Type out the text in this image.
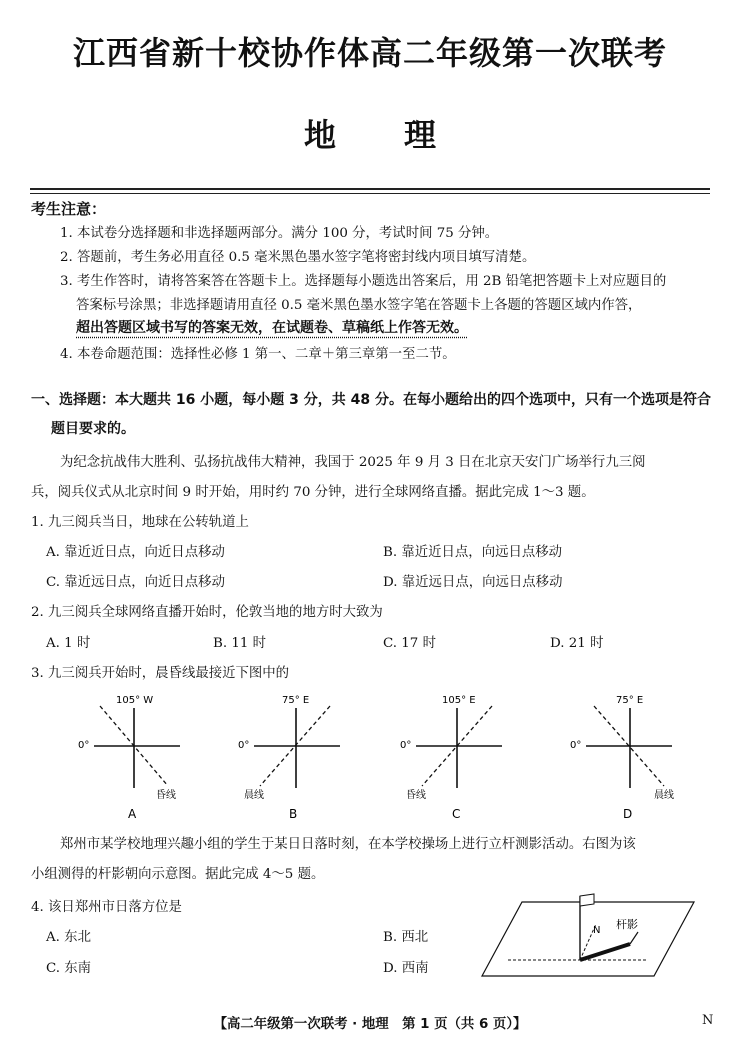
江西省新十校协作体高二年级第一次联考
地 理
考生注意：
1. 本试卷分选择题和非选择题两部分。满分 100 分，考试时间 75 分钟。
2. 答题前，考生务必用直径 0.5 毫米黑色墨水签字笔将密封线内项目填写清楚。
3. 考生作答时，请将答案答在答题卡上。选择题每小题选出答案后，用 2B 铅笔把答题卡上对应题目的
答案标号涂黑；非选择题请用直径 0.5 毫米黑色墨水签字笔在答题卡上各题的答题区域内作答，
超出答题区域书写的答案无效，在试题卷、草稿纸上作答无效。
4. 本卷命题范围：选择性必修 1 第一、二章＋第三章第一至二节。
一、选择题：本大题共 16 小题，每小题 3 分，共 48 分。在每小题给出的四个选项中，只有一个选项是符合
题目要求的。
为纪念抗战伟大胜利、弘扬抗战伟大精神，我国于 2025 年 9 月 3 日在北京天安门广场举行九三阅
兵，阅兵仪式从北京时间 9 时开始，用时约 70 分钟，进行全球网络直播。据此完成 1～3 题。
1. 九三阅兵当日，地球在公转轨道上
A. 靠近近日点，向近日点移动	B. 靠近近日点，向远日点移动
C. 靠近远日点，向近日点移动	D. 靠近远日点，向远日点移动
2. 九三阅兵全球网络直播开始时，伦敦当地的地方时大致为
A. 1 时	B. 11 时	C. 17 时	D. 21 时
3. 九三阅兵开始时，晨昏线最接近下图中的
105° W
0°
昏线
A
75° E
0°
晨线
B
105° E
0°
昏线
C
75° E
0°
晨线
D
郑州市某学校地理兴趣小组的学生于某日日落时刻，在本学校操场上进行立杆测影活动。右图为该
小组测得的杆影朝向示意图。据此完成 4～5 题。
4. 该日郑州市日落方位是
A. 东北	B. 西北
C. 东南	D. 西南
N 杆影
【高二年级第一次联考 · 地理　第 1 页（共 6 页）】	N
